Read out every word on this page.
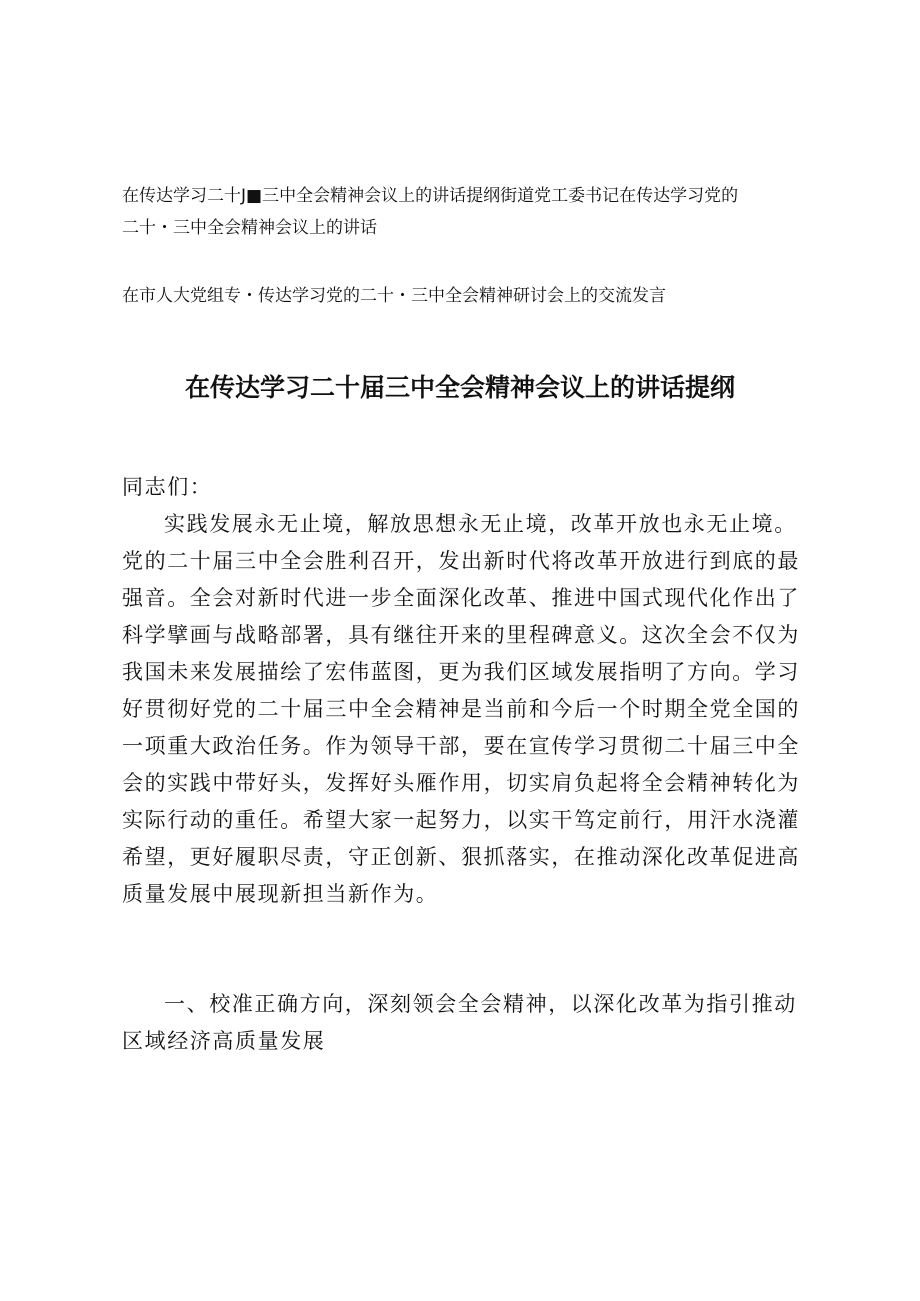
在传达学习二十J■三中全会精神会议上的讲话提纲街道党工委书记在传达学习党的

二十・三中全会精神会议上的讲话

在市人大党组专・传达学习党的二十・三中全会精神研讨会上的交流发言

在传达学习二十届三中全会精神会议上的讲话提纲

同志们：

实践发展永无止境，解放思想永无止境，改革开放也永无止境。党的二十届三中全会胜利召开，发出新时代将改革开放进行到底的最强音。全会对新时代进一步全面深化改革、推进中国式现代化作出了科学擘画与战略部署，具有继往开来的里程碑意义。这次全会不仅为我国未来发展描绘了宏伟蓝图，更为我们区域发展指明了方向。学习好贯彻好党的二十届三中全会精神是当前和今后一个时期全党全国的一项重大政治任务。作为领导干部，要在宣传学习贯彻二十届三中全会的实践中带好头，发挥好头雁作用，切实肩负起将全会精神转化为实际行动的重任。希望大家一起努力，以实干笃定前行，用汗水浇灌希望，更好履职尽责，守正创新、狠抓落实，在推动深化改革促进高质量发展中展现新担当新作为。

一、校准正确方向，深刻领会全会精神，以深化改革为指引推动区域经济高质量发展
